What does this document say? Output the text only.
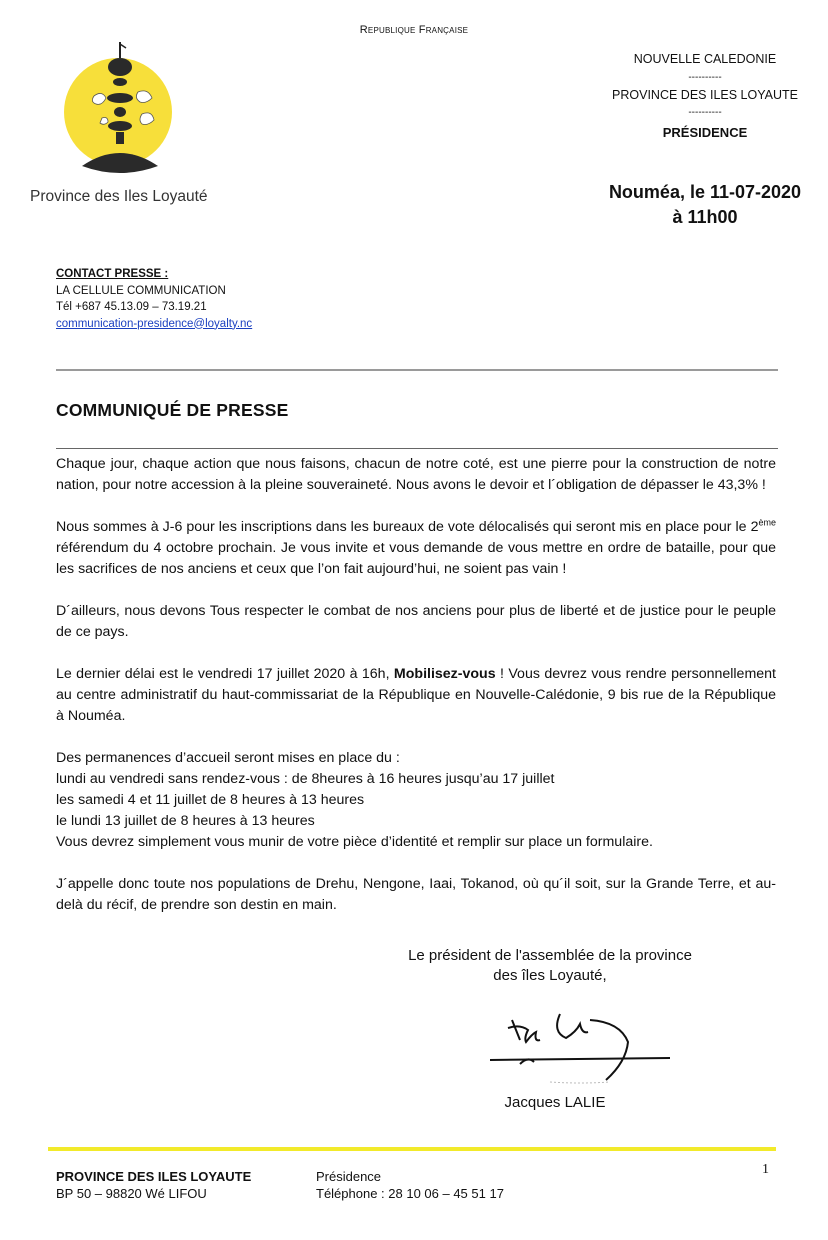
Republique Française
Province des Iles Loyauté
NOUVELLE CALEDONIE
----------
PROVINCE DES ILES LOYAUTE
----------
PRÉSIDENCE
Nouméa, le 11-07-2020
à 11h00
CONTACT PRESSE :
LA CELLULE COMMUNICATION
Tél +687 45.13.09 – 73.19.21
communication-presidence@loyalty.nc
COMMUNIQUÉ DE PRESSE

Chaque jour, chaque action que nous faisons, chacun de notre coté, est une pierre pour la construction de notre nation, pour notre accession à la pleine souveraineté. Nous avons le devoir et l´obligation de dépasser le 43,3% !

Nous sommes à J-6 pour les inscriptions dans les bureaux de vote délocalisés qui seront mis en place pour le 2ème référendum du 4 octobre prochain. Je vous invite et vous demande de vous mettre en ordre de bataille, pour que les sacrifices de nos anciens et ceux que l’on fait aujourd’hui, ne soient pas vain !

D´ailleurs, nous devons Tous respecter le combat de nos anciens pour plus de liberté et de justice pour le peuple de ce pays.

Le dernier délai est le vendredi 17 juillet 2020 à 16h, Mobilisez-vous ! Vous devrez vous rendre personnellement au centre administratif du haut-commissariat de la République en Nouvelle-Calédonie, 9 bis rue de la République à Nouméa.

Des permanences d’accueil seront mises en place du :
lundi au vendredi sans rendez-vous : de 8heures à 16 heures jusqu’au 17 juillet
les samedi 4 et 11 juillet de 8 heures à 13 heures
le lundi 13 juillet de 8 heures à 13 heures
Vous devrez simplement vous munir de votre pièce d’identité et remplir sur place un formulaire.

J´appelle donc toute nos populations de Drehu, Nengone, Iaai, Tokanod, où qu´il soit, sur la Grande Terre, et au-delà du récif, de prendre son destin en main.

Le président de l'assemblée de la province
des îles Loyauté,
Jacques LALIE
1
PROVINCE DES ILES LOYAUTE
BP 50 – 98820 Wé LIFOU
Présidence
Téléphone : 28 10 06 – 45 51 17
